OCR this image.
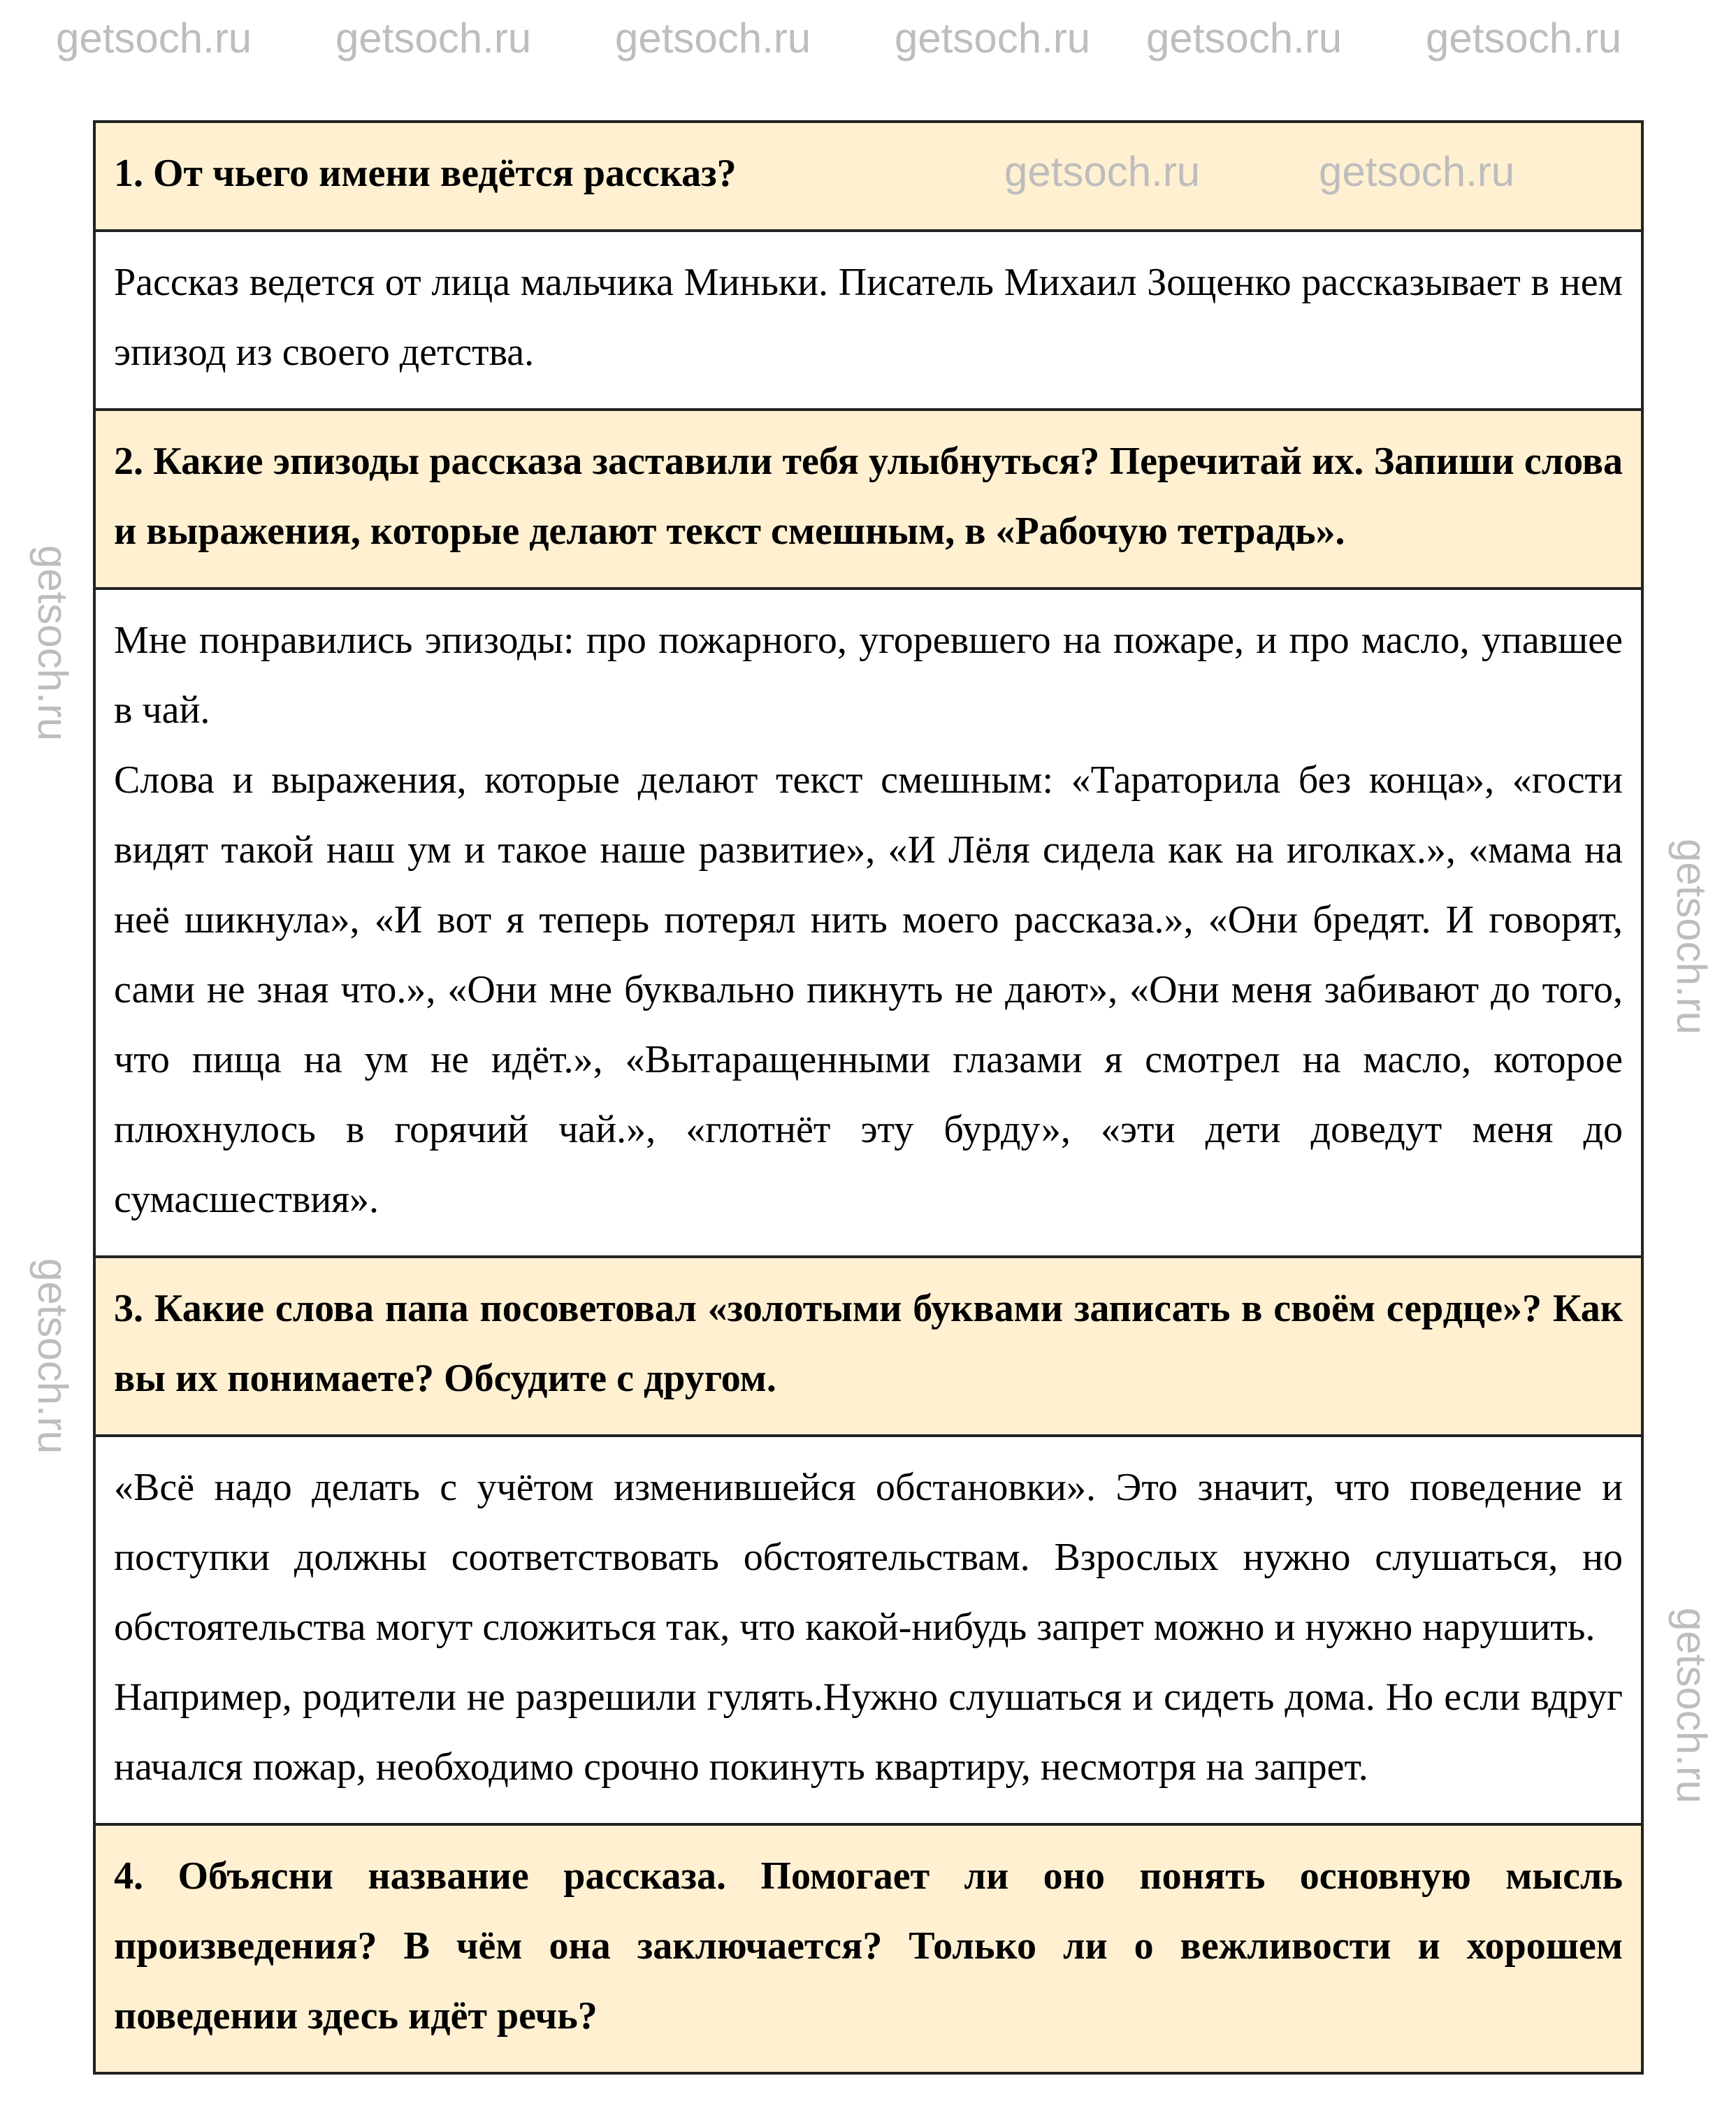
1. От чьего имени ведётся рассказ?	getsoch.ru	getsoch.ru

Рассказ ведется от лица мальчика Миньки. Писатель Михаил Зощенко рассказывает в нем эпизод из своего детства.

2. Какие эпизоды рассказа заставили тебя улыбнуться? Перечитай их. Запиши слова и выражения, которые делают текст смешным, в «Рабочую тетрадь».

Мне понравились эпизоды: про пожарного, угоревшего на пожаре, и про масло, упавшее в чай.

Слова и выражения, которые делают текст смешным: «Тараторила без конца», «гости видят такой наш ум и такое наше развитие», «И Лёля сидела как на иголках.», «мама на неё шикнула», «И вот я теперь потерял нить моего рассказа.», «Они бредят. И говорят, сами не зная что.», «Они мне буквально пикнуть не дают», «Они меня забивают до того, что пища на ум не идёт.», «Вытаращенными глазами я смотрел на масло, которое плюхнулось в горячий чай.», «глотнёт эту бурду», «эти дети доведут меня до сумасшествия».

3. Какие слова папа посоветовал «золотыми буквами записать в своём сердце»? Как вы их понимаете? Обсудите с другом.

«Всё надо делать с учётом изменившейся обстановки». Это значит, что поведение и поступки должны соответствовать обстоятельствам. Взрослых нужно слушаться, но обстоятельства могут сложиться так, что какой-нибудь запрет можно и нужно нарушить.

Например, родители не разрешили гулять.Нужно слушаться и сидеть дома. Но если вдруг начался пожар, необходимо срочно покинуть квартиру, несмотря на запрет.

4. Объясни название рассказа. Помогает ли оно понять основную мысль произведения? В чём она заключается? Только ли о вежливости и хорошем поведении здесь идёт речь?

getsoch.ru getsoch.ru getsoch.ru getsoch.ru getsoch.ru getsoch.ru
getsoch.ru
getsoch.ru
getsoch.ru
getsoch.ru
